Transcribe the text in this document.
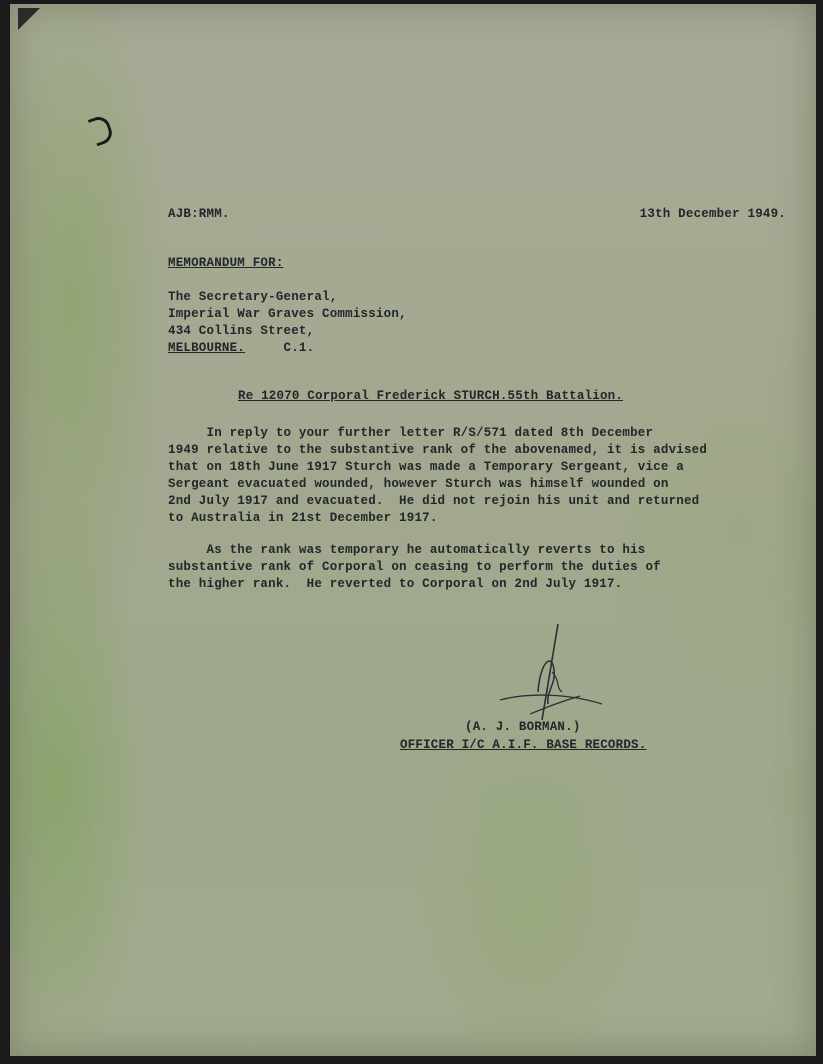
AJB:RMM.	13th December 1949.
MEMORANDUM FOR:
The Secretary-General,
Imperial War Graves Commission,
434 Collins Street,
MELBOURNE.	C.1.
Re 12070 Corporal Frederick STURCH.55th Battalion.
In reply to your further letter R/S/571 dated 8th December
1949 relative to the substantive rank of the abovenamed, it is advised
that on 18th June 1917 Sturch was made a Temporary Sergeant, vice a
Sergeant evacuated wounded, however Sturch was himself wounded on
2nd July 1917 and evacuated.  He did not rejoin his unit and returned
to Australia in 21st December 1917.
As the rank was temporary he automatically reverts to his
substantive rank of Corporal on ceasing to perform the duties of
the higher rank.  He reverted to Corporal on 2nd July 1917.
(A. J. BORMAN.)
OFFICER I/C A.I.F. BASE RECORDS.
